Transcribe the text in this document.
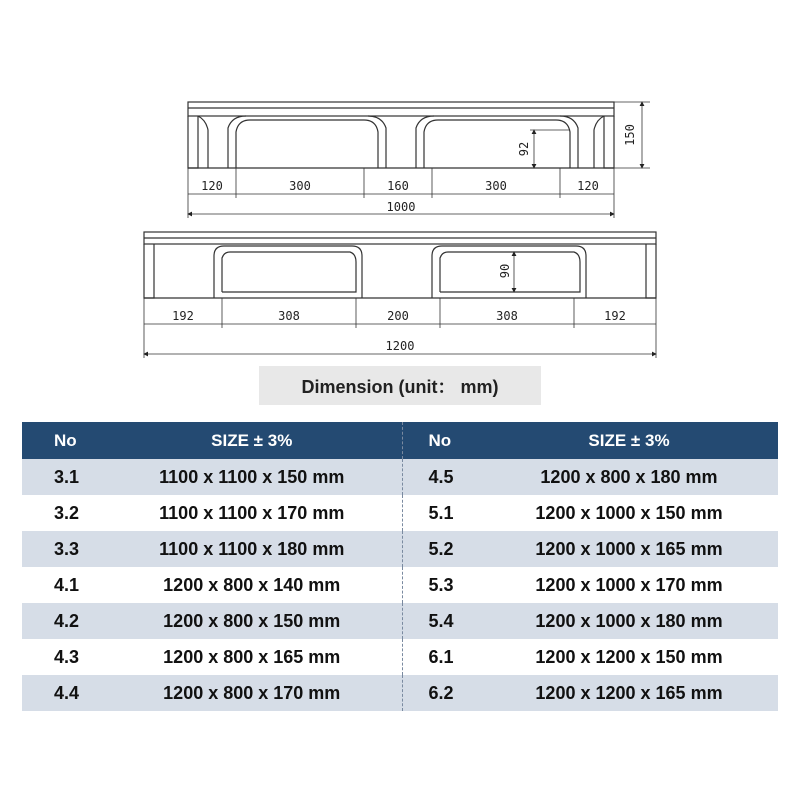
120	300	160	300	120
1000
150
92
192	308	200	308	192
1200
90
Dimension (unit： mm)
No	SIZE ± 3%	No	SIZE ± 3%
3.1	1100 x 1100 x 150 mm	4.5	1200 x 800 x 180 mm
3.2	1100 x 1100 x 170 mm	5.1	1200 x 1000 x 150 mm
3.3	1100 x 1100 x 180 mm	5.2	1200 x 1000 x 165 mm
4.1	1200 x 800 x 140 mm	5.3	1200 x 1000 x 170 mm
4.2	1200 x 800 x 150 mm	5.4	1200 x 1000 x 180 mm
4.3	1200 x 800 x 165 mm	6.1	1200 x 1200 x 150 mm
4.4	1200 x 800 x 170 mm	6.2	1200 x 1200 x 165 mm
